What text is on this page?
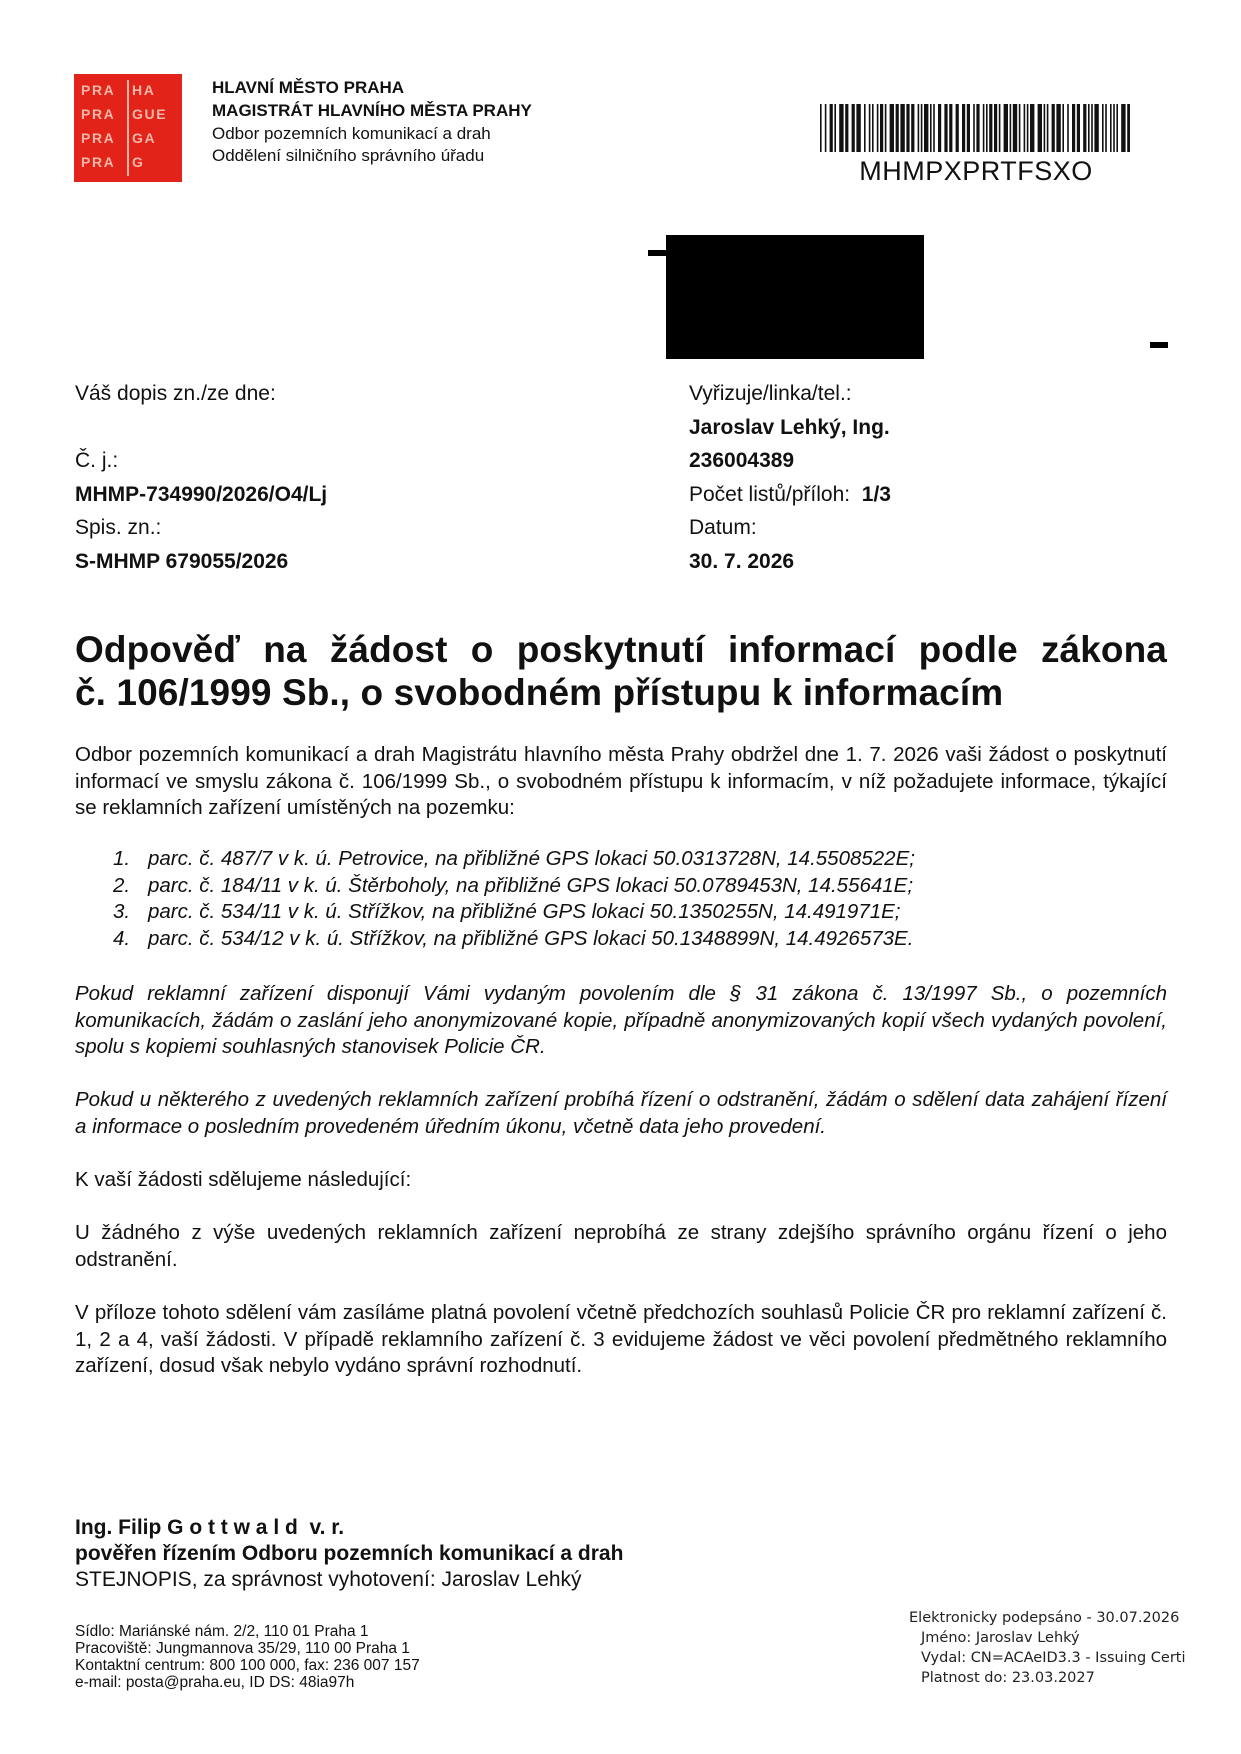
PRA HA
PRA GUE
PRA GA
PRA G
HLAVNÍ MĚSTO PRAHA
MAGISTRÁT HLAVNÍHO MĚSTA PRAHY
Odbor pozemních komunikací a drah
Oddělení silničního správního úřadu
MHMPXPRTFSXO
Váš dopis zn./ze dne:
Č. j.:
MHMP-734990/2026/O4/Lj
Spis. zn.:
S-MHMP 679055/2026
Vyřizuje/linka/tel.:
Jaroslav Lehký, Ing.
236004389
Počet listů/příloh: 1/3
Datum:
30. 7. 2026
Odpověď na žádost o poskytnutí informací podle zákona
č. 106/1999 Sb., o svobodném přístupu k informacím

Odbor pozemních komunikací a drah Magistrátu hlavního města Prahy obdržel dne 1. 7. 2026 vaši žádost o poskytnutí informací ve smyslu zákona č. 106/1999 Sb., o svobodném přístupu k informacím, v níž požadujete informace, týkající se reklamních zařízení umístěných na pozemku:

1. parc. č. 487/7 v k. ú. Petrovice, na přibližné GPS lokaci 50.0313728N, 14.5508522E;
2. parc. č. 184/11 v k. ú. Štěrboholy, na přibližné GPS lokaci 50.0789453N, 14.55641E;
3. parc. č. 534/11 v k. ú. Střížkov, na přibližné GPS lokaci 50.1350255N, 14.491971E;
4. parc. č. 534/12 v k. ú. Střížkov, na přibližné GPS lokaci 50.1348899N, 14.4926573E.

Pokud reklamní zařízení disponují Vámi vydaným povolením dle § 31 zákona č. 13/1997 Sb., o pozemních komunikacích, žádám o zaslání jeho anonymizované kopie, případně anonymizovaných kopií všech vydaných povolení, spolu s kopiemi souhlasných stanovisek Policie ČR.

Pokud u některého z uvedených reklamních zařízení probíhá řízení o odstranění, žádám o sdělení data zahájení řízení a informace o posledním provedeném úředním úkonu, včetně data jeho provedení.

K vaší žádosti sdělujeme následující:

U žádného z výše uvedených reklamních zařízení neprobíhá ze strany zdejšího správního orgánu řízení o jeho odstranění.

V příloze tohoto sdělení vám zasíláme platná povolení včetně předchozích souhlasů Policie ČR pro reklamní zařízení č. 1, 2 a 4, vaší žádosti. V případě reklamního zařízení č. 3 evidujeme žádost ve věci povolení předmětného reklamního zařízení, dosud však nebylo vydáno správní rozhodnutí.

Ing. Filip G o t t w a l d  v. r.
pověřen řízením Odboru pozemních komunikací a drah
STEJNOPIS, za správnost vyhotovení: Jaroslav Lehký
Sídlo: Mariánské nám. 2/2, 110 01 Praha 1
Pracoviště: Jungmannova 35/29, 110 00 Praha 1
Kontaktní centrum: 800 100 000, fax: 236 007 157
e-mail: posta@praha.eu, ID DS: 48ia97h
Elektronicky podepsáno - 30.07.2026
Jméno: Jaroslav Lehký
Vydal: CN=ACAeID3.3 - Issuing Certi
Platnost do: 23.03.2027
